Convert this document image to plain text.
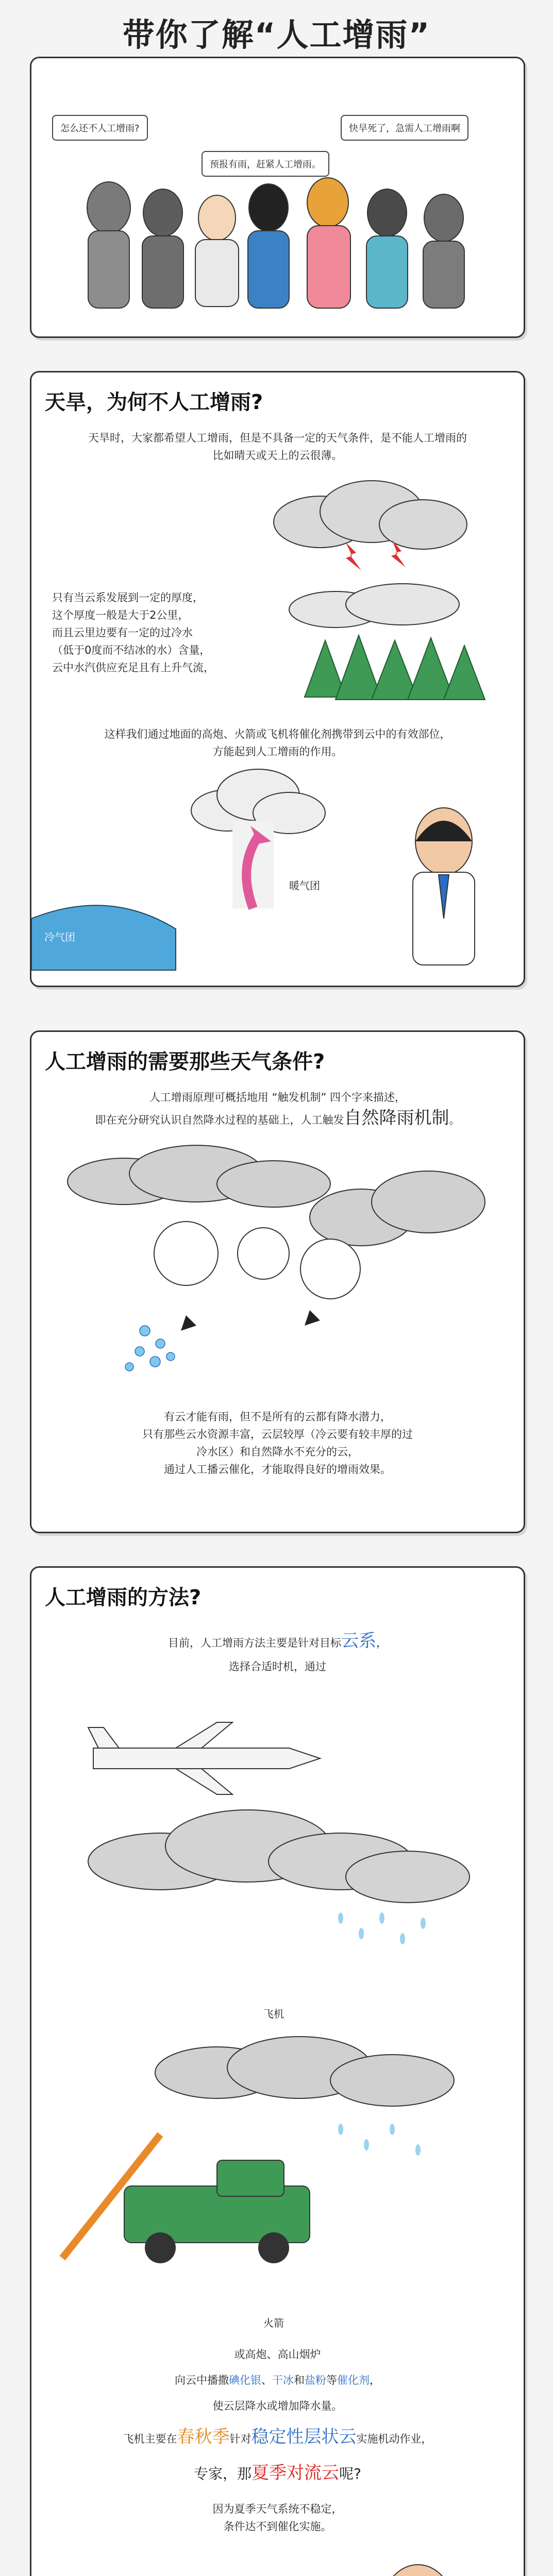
带你了解“人工增雨”
怎么还不人工增雨?	快旱死了，急需人工增雨啊
预报有雨，赶紧人工增雨。
天旱，为何不人工增雨?
天旱时，大家都希望人工增雨，但是不具备一定的天气条件，是不能人工增雨的
比如晴天或天上的云很薄。
只有当云系发展到一定的厚度，
这个厚度一般是大于2公里，
而且云里边要有一定的过冷水
（低于0度而不结冰的水）含量，
云中水汽供应充足且有上升气流，
这样我们通过地面的高炮、火箭或飞机将催化剂携带到云中的有效部位，
方能起到人工增雨的作用。
冷气团
暖气团
人工增雨的需要那些天气条件?
人工增雨原理可概括地用 “触发机制” 四个字来描述，
即在充分研究认识自然降水过程的基础上，人工触发自然降雨机制。
有云才能有雨，但不是所有的云都有降水潜力，
只有那些云水资源丰富，云层较厚（冷云要有较丰厚的过
冷水区）和自然降水不充分的云，
通过人工播云催化，才能取得良好的增雨效果。
人工增雨的方法?
目前，人工增雨方法主要是针对目标云系，
选择合适时机，通过
飞机
火箭
或高炮、高山烟炉
向云中播撒碘化银、干冰和盐粉等催化剂，
使云层降水或增加降水量。
飞机主要在春秋季针对稳定性层状云实施机动作业，
专家，那夏季对流云呢?
因为夏季天气系统不稳定，
条件达不到催化实施。
